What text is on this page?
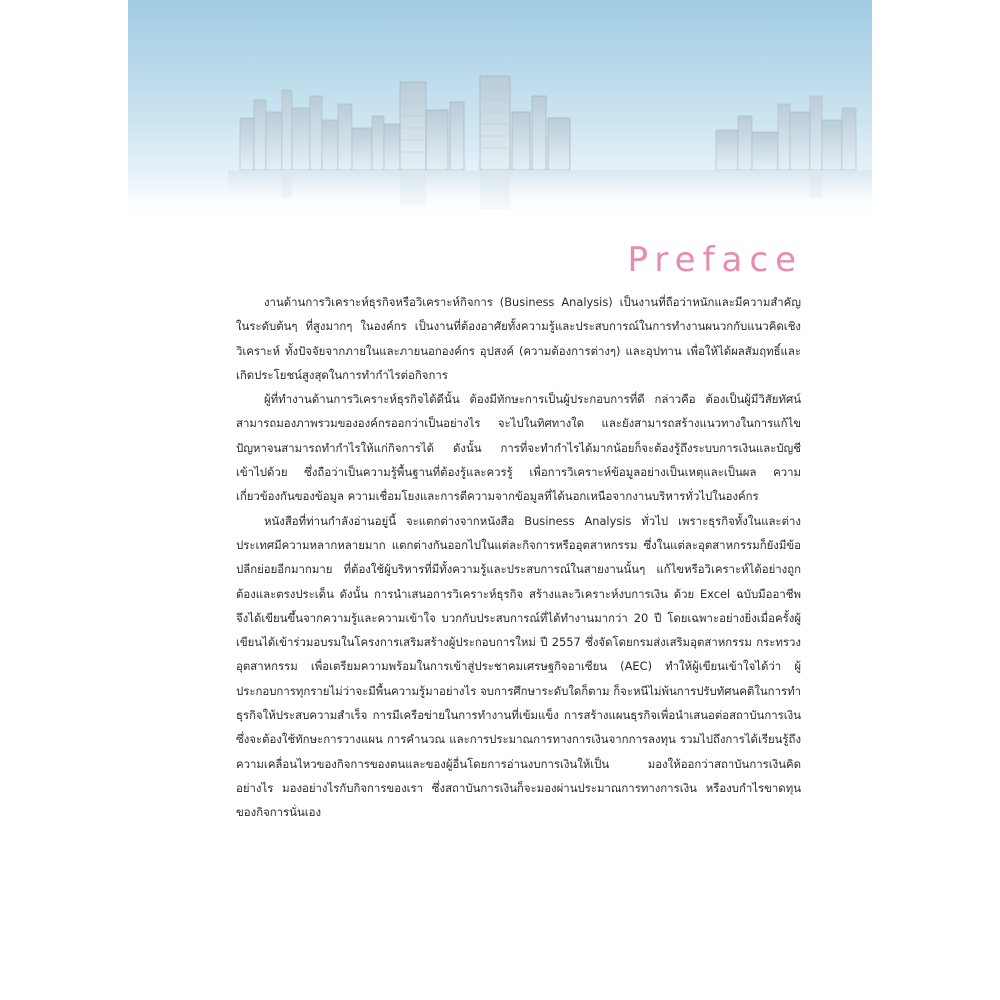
Preface

งานด้านการวิเคราะห์ธุรกิจหรือวิเคราะห์กิจการ (Business Analysis) เป็นงานที่ถือว่าหนักและมีความสำคัญในระดับต้นๆ ที่สูงมากๆ ในองค์กร เป็นงานที่ต้องอาศัยทั้งความรู้และประสบการณ์ในการทำงานผนวกกับแนวคิดเชิงวิเคราะห์ ทั้งปัจจัยจากภายในและภายนอกองค์กร อุปสงค์ (ความต้องการต่างๆ) และอุปทาน เพื่อให้ได้ผลสัมฤทธิ์และเกิดประโยชน์สูงสุดในการทำกำไรต่อกิจการ

ผู้ที่ทำงานด้านการวิเคราะห์ธุรกิจได้ดีนั้น ต้องมีทักษะการเป็นผู้ประกอบการที่ดี กล่าวคือ ต้องเป็นผู้มีวิสัยทัศน์ สามารถมองภาพรวมขององค์กรออกว่าเป็นอย่างไร จะไปในทิศทางใด และยังสามารถสร้างแนวทางในการแก้ไขปัญหาจนสามารถทำกำไรให้แก่กิจการได้ ดังนั้น การที่จะทำกำไรได้มากน้อยก็จะต้องรู้ถึงระบบการเงินและบัญชีเข้าไปด้วย ซึ่งถือว่าเป็นความรู้พื้นฐานที่ต้องรู้และควรรู้ เพื่อการวิเคราะห์ข้อมูลอย่างเป็นเหตุและเป็นผล ความเกี่ยวข้องกันของข้อมูล ความเชื่อมโยงและการตีความจากข้อมูลที่ได้นอกเหนือจากงานบริหารทั่วไปในองค์กร

หนังสือที่ท่านกำลังอ่านอยู่นี้ จะแตกต่างจากหนังสือ Business Analysis ทั่วไป เพราะธุรกิจทั้งในและต่างประเทศมีความหลากหลายมาก แตกต่างกันออกไปในแต่ละกิจการหรืออุตสาหกรรม ซึ่งในแต่ละอุตสาหกรรมก็ยังมีข้อปลีกย่อยอีกมากมาย ที่ต้องใช้ผู้บริหารที่มีทั้งความรู้และประสบการณ์ในสายงานนั้นๆ แก้ไขหรือวิเคราะห์ได้อย่างถูกต้องและตรงประเด็น ดังนั้น การนำเสนอการวิเคราะห์ธุรกิจ สร้างและวิเคราะห์งบการเงิน ด้วย Excel ฉบับมืออาชีพ จึงได้เขียนขึ้นจากความรู้และความเข้าใจ บวกกับประสบการณ์ที่ได้ทำงานมากว่า 20 ปี โดยเฉพาะอย่างยิ่งเมื่อครั้งผู้เขียนได้เข้าร่วมอบรมในโครงการเสริมสร้างผู้ประกอบการใหม่ ปี 2557 ซึ่งจัดโดยกรมส่งเสริมอุตสาหกรรม กระทรวงอุตสาหกรรม เพื่อเตรียมความพร้อมในการเข้าสู่ประชาคมเศรษฐกิจอาเซียน (AEC) ทำให้ผู้เขียนเข้าใจได้ว่า ผู้ประกอบการทุกรายไม่ว่าจะมีพื้นความรู้มาอย่างไร จบการศึกษาระดับใดก็ตาม ก็จะหนีไม่พ้นการปรับทัศนคติในการทำธุรกิจให้ประสบความสำเร็จ การมีเครือข่ายในการทำงานที่เข้มแข็ง การสร้างแผนธุรกิจเพื่อนำเสนอต่อสถาบันการเงิน ซึ่งจะต้องใช้ทักษะการวางแผน การคำนวณ และการประมาณการทางการเงินจากการลงทุน รวมไปถึงการได้เรียนรู้ถึงความเคลื่อนไหวของกิจการของตนและของผู้อื่นโดยการอ่านงบการเงินให้เป็น มองให้ออกว่าสถาบันการเงินคิดอย่างไร มองอย่างไรกับกิจการของเรา ซึ่งสถาบันการเงินก็จะมองผ่านประมาณการทางการเงิน หรืองบกำไรขาดทุนของกิจการนั่นเอง
